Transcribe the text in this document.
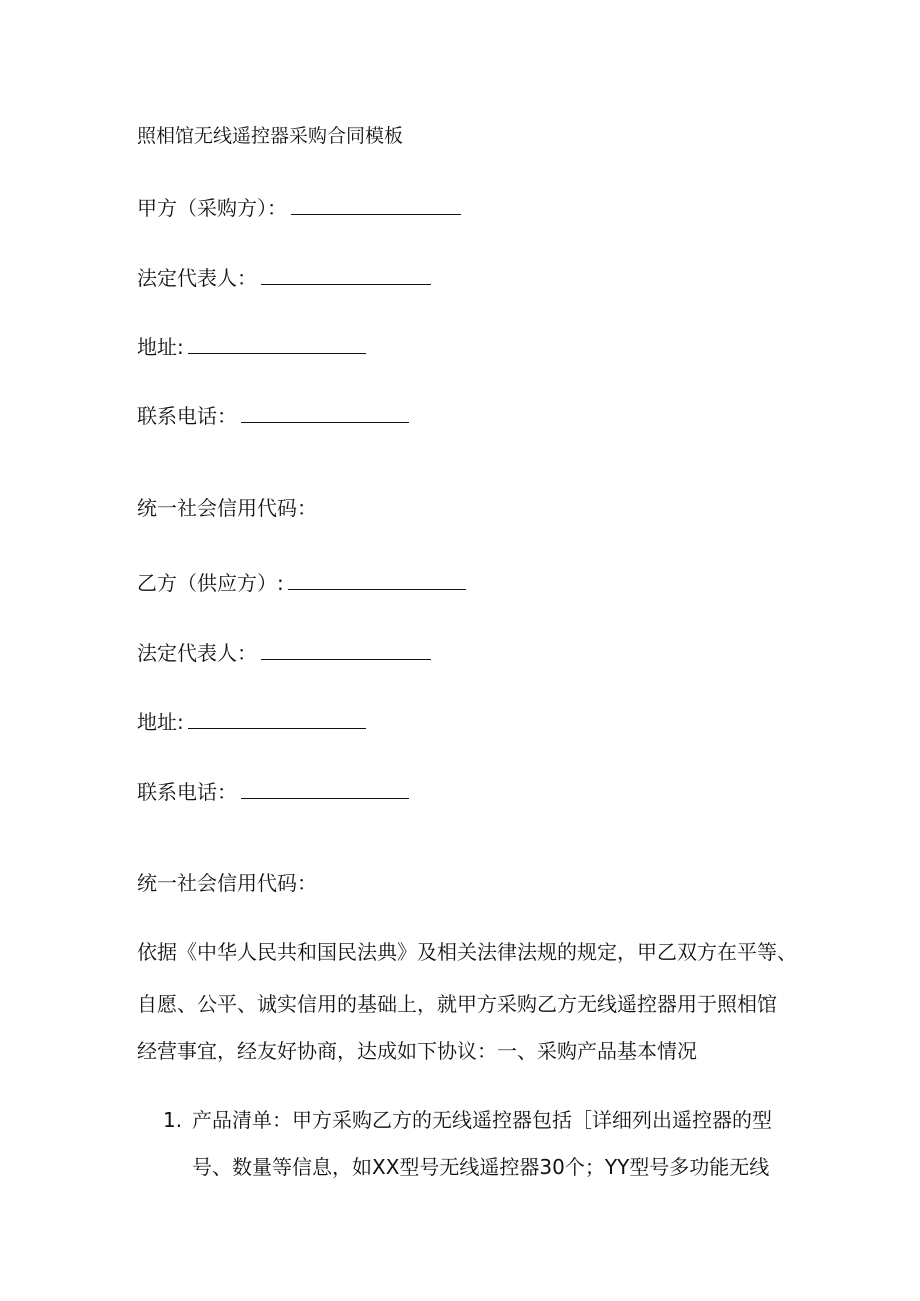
照相馆无线遥控器采购合同模板
甲方（采购方）：
法定代表人：
地址:
联系电话：
统一社会信用代码：
乙方（供应方）:
法定代表人：
地址:
联系电话：
统一社会信用代码：
依据《中华人民共和国民法典》及相关法律法规的规定，甲乙双方在平等、
自愿、公平、诚实信用的基础上，就甲方采购乙方无线遥控器用于照相馆
经营事宜，经友好协商，达成如下协议：一、采购产品基本情况
1. 产品清单：甲方采购乙方的无线遥控器包括［详细列出遥控器的型
号、数量等信息，如XX型号无线遥控器30个；YY型号多功能无线
